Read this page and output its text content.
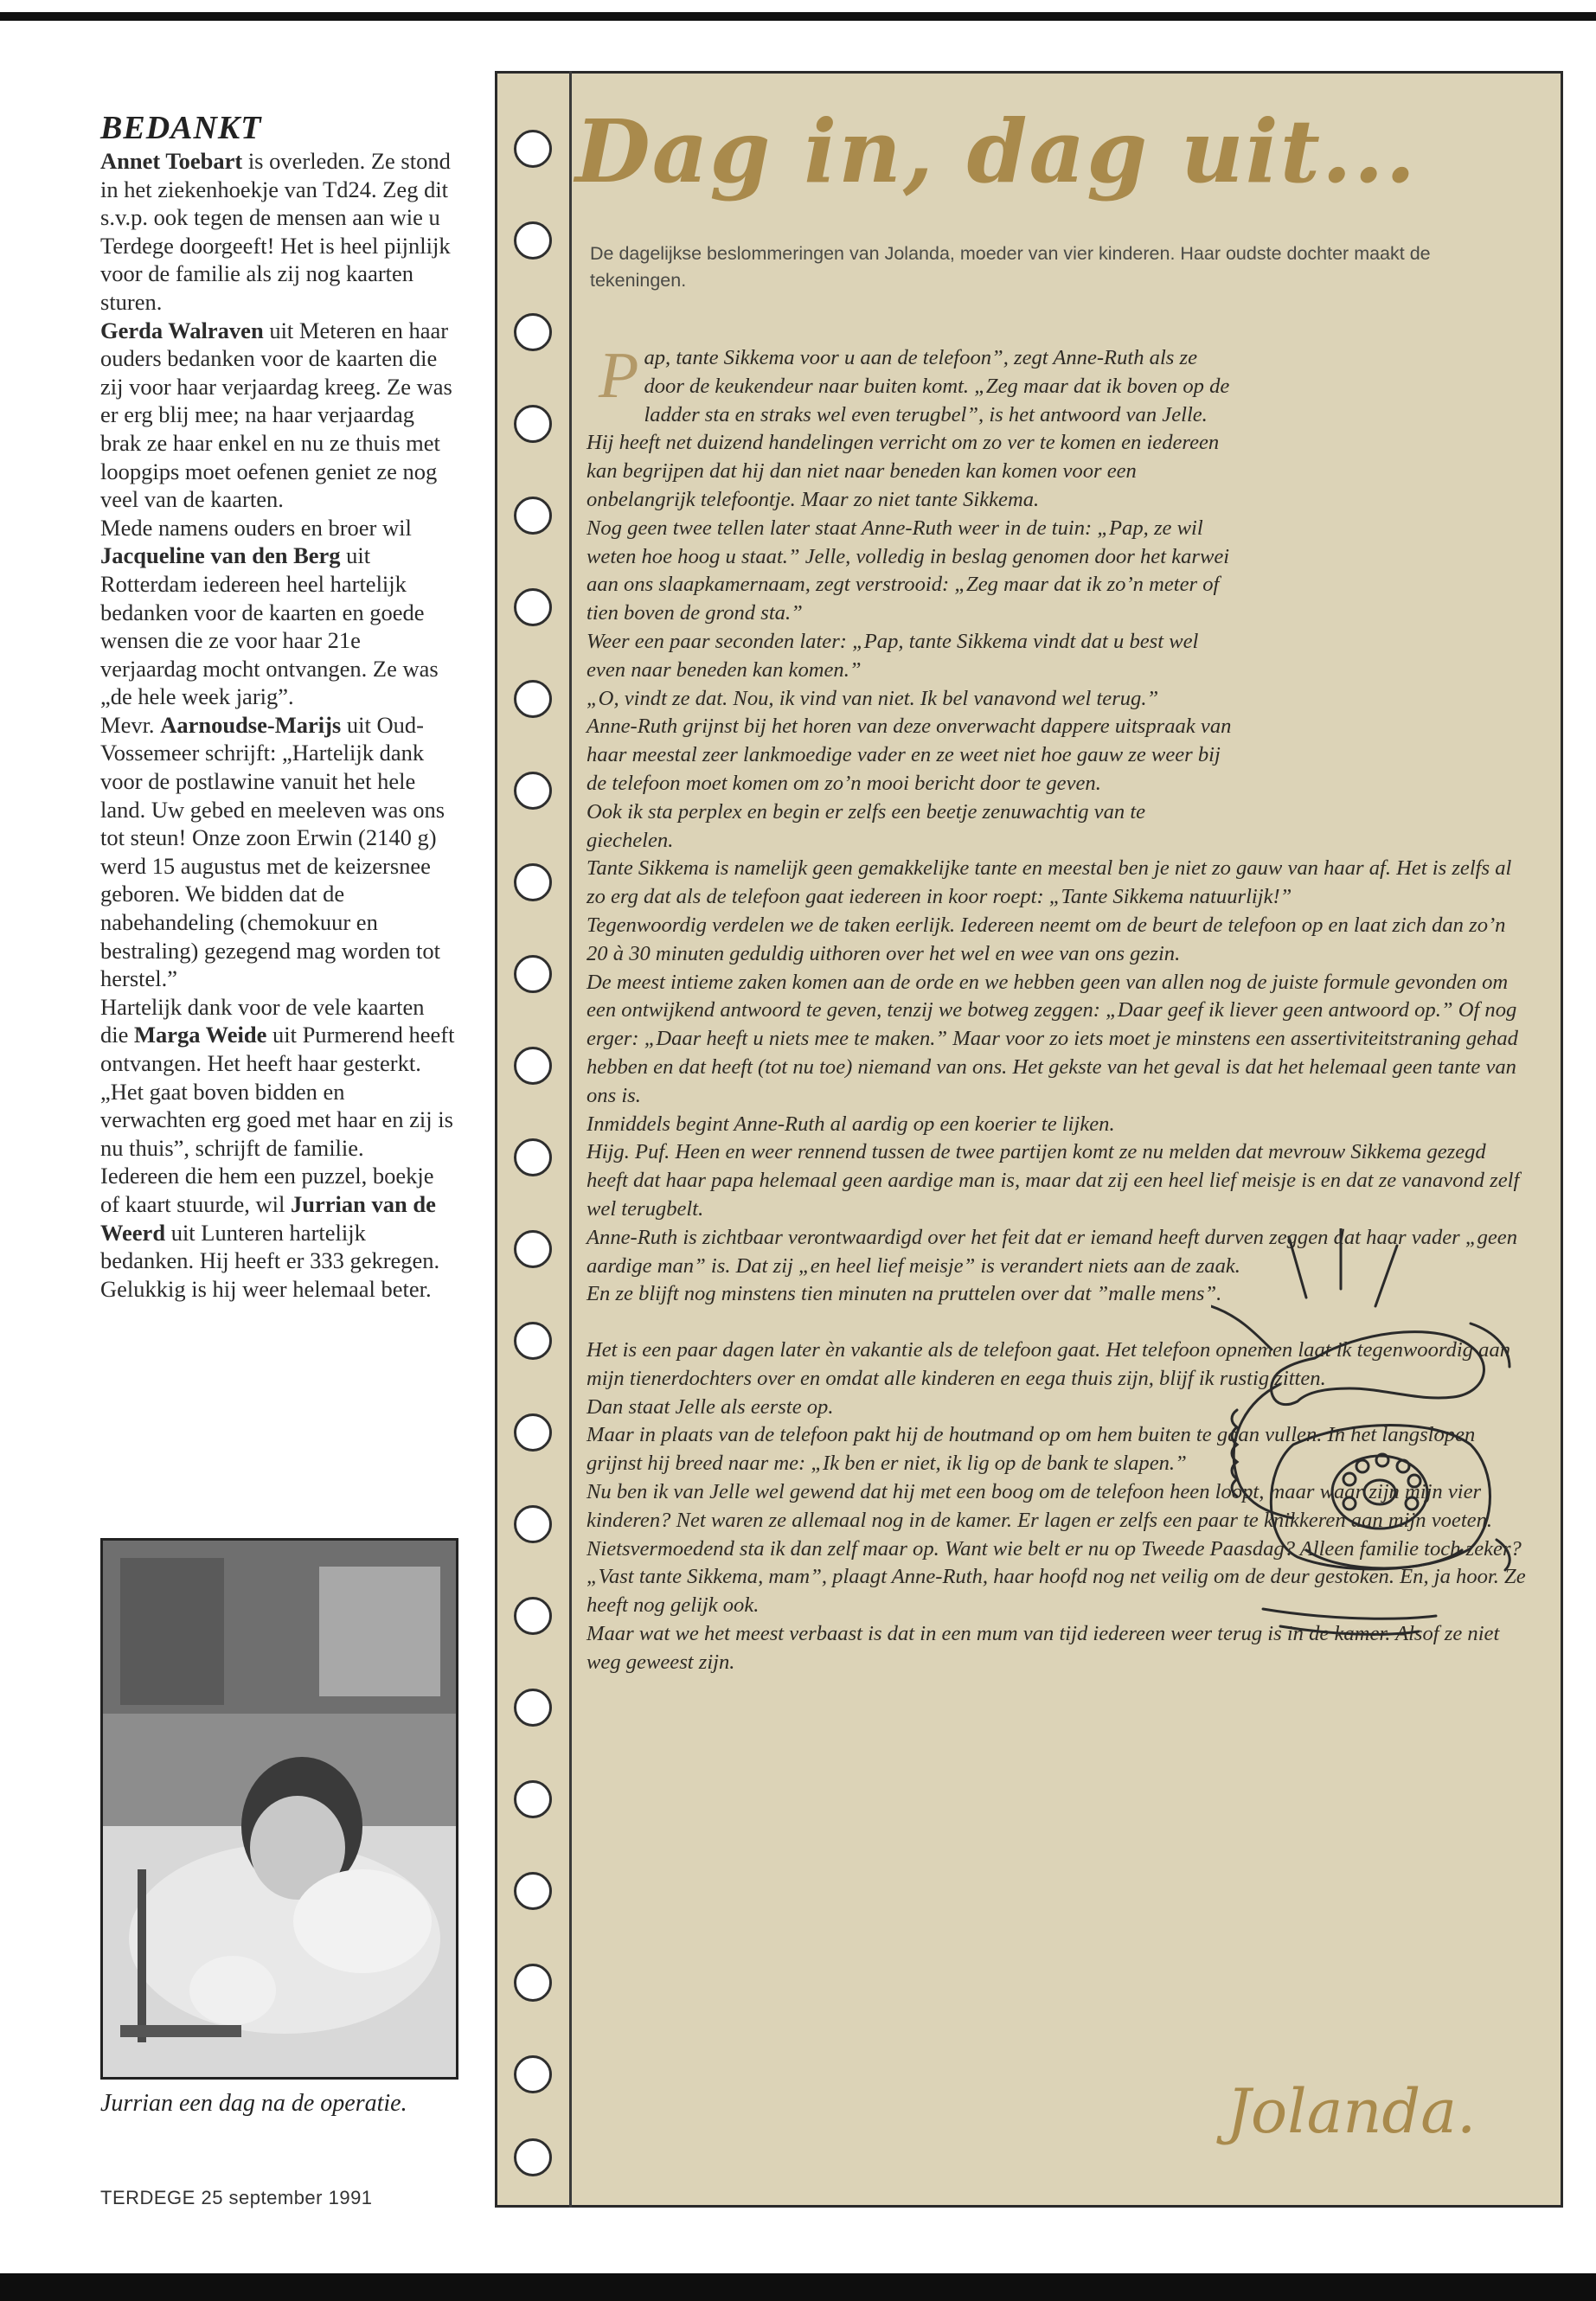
BEDANKT

Annet Toebart is overleden. Ze stond in het ziekenhoekje van Td24. Zeg dit s.v.p. ook tegen de mensen aan wie u Terdege doorgeeft! Het is heel pijnlijk voor de familie als zij nog kaarten sturen.

Gerda Walraven uit Meteren en haar ouders bedanken voor de kaarten die zij voor haar verjaardag kreeg. Ze was er erg blij mee; na haar verjaardag brak ze haar enkel en nu ze thuis met loopgips moet oefenen geniet ze nog veel van de kaarten.

Mede namens ouders en broer wil Jacqueline van den Berg uit Rotterdam iedereen heel hartelijk bedanken voor de kaarten en goede wensen die ze voor haar 21e verjaardag mocht ontvangen. Ze was „de hele week jarig”.

Mevr. Aarnoudse-Marijs uit Oud-Vossemeer schrijft: „Hartelijk dank voor de postlawine vanuit het hele land. Uw gebed en meeleven was ons tot steun! Onze zoon Erwin (2140 g) werd 15 augustus met de keizersnee geboren. We bidden dat de nabehandeling (chemokuur en bestraling) gezegend mag worden tot herstel.”

Hartelijk dank voor de vele kaarten die Marga Weide uit Purmerend heeft ontvangen. Het heeft haar gesterkt. „Het gaat boven bidden en verwachten erg goed met haar en zij is nu thuis”, schrijft de familie.

Iedereen die hem een puzzel, boekje of kaart stuurde, wil Jurrian van de Weerd uit Lunteren hartelijk bedanken. Hij heeft er 333 gekregen. Gelukkig is hij weer helemaal beter.

Jurrian een dag na de operatie.
TERDEGE 25 september 1991
Dag in, dag uit...
De dagelijkse beslommeringen van Jolanda, moeder van vier kinderen. Haar oudste dochter maakt de tekeningen.

Pap, tante Sikkema voor u aan de telefoon”, zegt Anne-Ruth als ze door de keukendeur naar buiten komt. „Zeg maar dat ik boven op de ladder sta en straks wel even terugbel”, is het antwoord van Jelle.

Hij heeft net duizend handelingen verricht om zo ver te komen en iedereen kan begrijpen dat hij dan niet naar beneden kan komen voor een onbelangrijk telefoontje. Maar zo niet tante Sikkema.

Nog geen twee tellen later staat Anne-Ruth weer in de tuin: „Pap, ze wil weten hoe hoog u staat.” Jelle, volledig in beslag genomen door het karwei aan ons slaapkamernaam, zegt verstrooid: „Zeg maar dat ik zo’n meter of tien boven de grond sta.”

Weer een paar seconden later: „Pap, tante Sikkema vindt dat u best wel even naar beneden kan komen.”

„O, vindt ze dat. Nou, ik vind van niet. Ik bel vanavond wel terug.”

Anne-Ruth grijnst bij het horen van deze onverwacht dappere uitspraak van haar meestal zeer lankmoedige vader en ze weet niet hoe gauw ze weer bij de telefoon moet komen om zo’n mooi bericht door te geven.

Ook ik sta perplex en begin er zelfs een beetje zenuwachtig van te giechelen.

Tante Sikkema is namelijk geen gemakkelijke tante en meestal ben je niet zo gauw van haar af. Het is zelfs al zo erg dat als de telefoon gaat iedereen in koor roept: „Tante Sikkema natuurlijk!”

Tegenwoordig verdelen we de taken eerlijk. Iedereen neemt om de beurt de telefoon op en laat zich dan zo’n 20 à 30 minuten geduldig uithoren over het wel en wee van ons gezin.

De meest intieme zaken komen aan de orde en we hebben geen van allen nog de juiste formule gevonden om een ontwijkend antwoord te geven, tenzij we botweg zeggen: „Daar geef ik liever geen antwoord op.” Of nog erger: „Daar heeft u niets mee te maken.” Maar voor zo iets moet je minstens een assertiviteitstraning gehad hebben en dat heeft (tot nu toe) niemand van ons. Het gekste van het geval is dat het helemaal geen tante van ons is.

Inmiddels begint Anne-Ruth al aardig op een koerier te lijken.

Hijg. Puf. Heen en weer rennend tussen de twee partijen komt ze nu melden dat mevrouw Sikkema gezegd heeft dat haar papa helemaal geen aardige man is, maar dat zij een heel lief meisje is en dat ze vanavond zelf wel terugbelt.

Anne-Ruth is zichtbaar verontwaardigd over het feit dat er iemand heeft durven zeggen dat haar vader „geen aardige man” is. Dat zij „en heel lief meisje” is verandert niets aan de zaak.

En ze blijft nog minstens tien minuten na pruttelen over dat ”malle mens”.

Het is een paar dagen later èn vakantie als de telefoon gaat. Het telefoon opnemen laat ik tegenwoordig aan mijn tienerdochters over en omdat alle kinderen en eega thuis zijn, blijf ik rustig zitten.

Dan staat Jelle als eerste op.

Maar in plaats van de telefoon pakt hij de houtmand op om hem buiten te gaan vullen. In het langslopen grijnst hij breed naar me: „Ik ben er niet, ik lig op de bank te slapen.”

Nu ben ik van Jelle wel gewend dat hij met een boog om de telefoon heen loopt, maar waar zijn mijn vier kinderen? Net waren ze allemaal nog in de kamer. Er lagen er zelfs een paar te knikkeren aan mijn voeten.

Nietsvermoedend sta ik dan zelf maar op. Want wie belt er nu op Tweede Paasdag? Alleen familie toch zeker?

„Vast tante Sikkema, mam”, plaagt Anne-Ruth, haar hoofd nog net veilig om de deur gestoken. En, ja hoor. Ze heeft nog gelijk ook.

Maar wat we het meest verbaast is dat in een mum van tijd iedereen weer terug is in de kamer. Alsof ze niet weg geweest zijn.

Jolanda.
